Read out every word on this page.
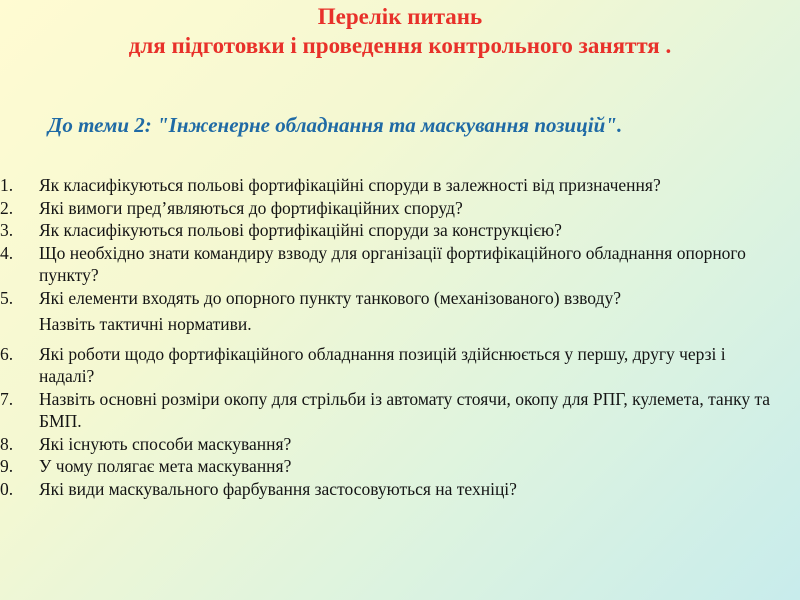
Перелік питань
для підготовки і проведення контрольного заняття .
До теми 2: "Інженерне обладнання та маскування позицій".
1.	Як класифікуються польові фортифікаційні споруди в залежності від призначення?
2.	Які вимоги пред’являються до фортифікаційних споруд?
3.	Як класифікуються польові фортифікаційні споруди за конструкцією?
4.	Що необхідно знати командиру взводу для організації фортифікаційного обладнання опорного пункту?
5.	Які елементи входять до опорного пункту танкового (механізованого) взводу?
Назвіть тактичні нормативи.
6.	Які роботи щодо фортифікаційного обладнання позицій здійснюється у першу, другу черзі і надалі?
7.	Назвіть основні розміри окопу для стрільби із автомату стоячи, окопу для РПГ, кулемета, танку та БМП.
8.	Які існують способи маскування?
9.	У чому полягає мета маскування?
0.	Які види маскувального фарбування застосовуються на техніці?
